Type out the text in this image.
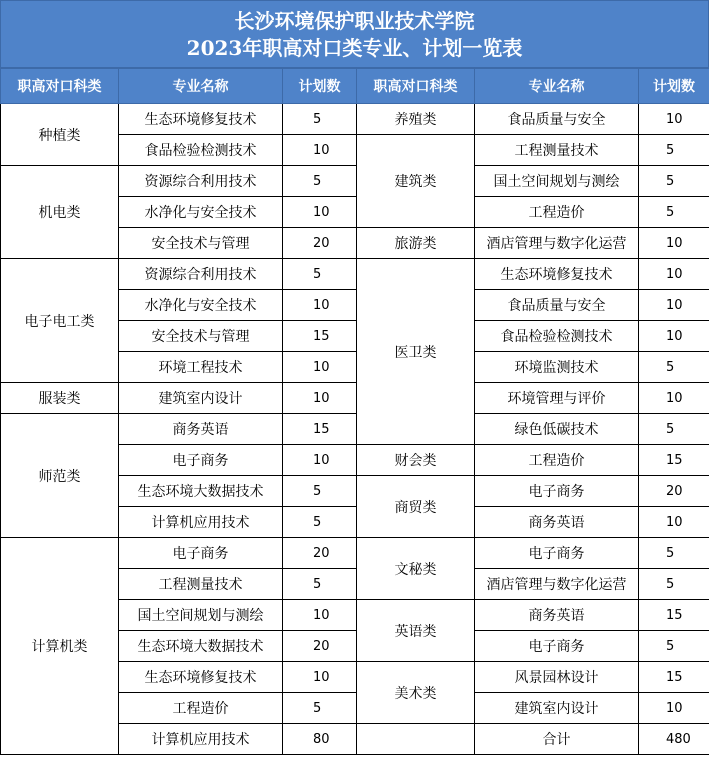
长沙环境保护职业技术学院
2023年职高对口类专业、计划一览表
职高对口科类	专业名称	计划数	职高对口科类	专业名称	计划数
种植类	生态环境修复技术	5	养殖类	食品质量与安全	10
	食品检验检测技术	10	建筑类	工程测量技术	5
机电类	资源综合利用技术	5		国土空间规划与测绘	5
	水净化与安全技术	10		工程造价	5
	安全技术与管理	20	旅游类	酒店管理与数字化运营	10
电子电工类	资源综合利用技术	5	医卫类	生态环境修复技术	10
	水净化与安全技术	10		食品质量与安全	10
	安全技术与管理	15		食品检验检测技术	10
	环境工程技术	10		环境监测技术	5
服装类	建筑室内设计	10		环境管理与评价	10
师范类	商务英语	15		绿色低碳技术	5
	电子商务	10	财会类	工程造价	15
	生态环境大数据技术	5	商贸类	电子商务	20
	计算机应用技术	5		商务英语	10
计算机类	电子商务	20	文秘类	电子商务	5
	工程测量技术	5		酒店管理与数字化运营	5
	国土空间规划与测绘	10	英语类	商务英语	15
	生态环境大数据技术	20		电子商务	5
	生态环境修复技术	10	美术类	风景园林设计	15
	工程造价	5		建筑室内设计	10
	计算机应用技术	80		合计	480
